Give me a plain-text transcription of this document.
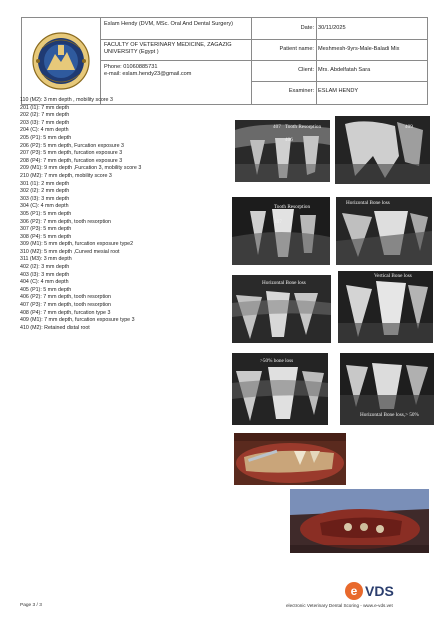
Eslam Hendy (DVM, MSc. Oral And Dental Surgery)
FACULTY OF VETERINARY MEDICINE, ZAGAZIG UNIVERSITY (Egypt )
Phone: 01060885731
e-mail: eslam.hendy23@gmail.com
Date: 30/11/2025
Patient name: Meshmesh-9yrs-Male-Baladi Mix
Client: Mrs. Abdelfatah Sara
Examiner: ESLAM HENDY
110 (M2): 3 mm depth , mobility score 3
201 (I1): 7 mm depth
202 (I2): 7 mm depth
203 (I3): 7 mm depth
204 (C): 4 mm depth
205 (P1): 5 mm depth
206 (P2): 5 mm depth, Furcation exposure 3
207 (P3): 5 mm depth, furcation exposure 3
208 (P4): 7 mm depth, furcation exposure 3
209 (M1): 9 mm depth ,Furcation 3, mobility score 3
210 (M2): 7 mm depth, mobility score 3
301 (I1): 2 mm depth
302 (I2): 2 mm depth
303 (I3): 3 mm depth
304 (C): 4 mm depth
305 (P1): 5 mm depth
306 (P2): 7 mm depth, tooth resorption
307 (P3): 5 mm depth
308 (P4): 5 mm depth
309 (M1): 5 mm depth, furcation exposure type2
310 (M2): 5 mm depth ,Curved mesial root
311 (M3): 3 mm depth
402 (I2): 3 mm depth
403 (I3): 3 mm depth
404 (C): 4 mm depth
405 (P1): 5 mm depth
406 (P2): 7 mm depth, tooth resorption
407 (P3): 7 mm depth, tooth resorption
408 (P4): 7 mm depth, furcation type 3
409 (M1): 7 mm depth, furcation exposure type 3
410 (M2): Retained distal root
407 Tooth Resorption
406
409
Tooth Resorption
407
Horizontal Bone loss
Horizontal Bone loss
Vertical Bone loss
>50% bone loss
Horizontal Bone loss,> 50%
Page 3 / 3
e VDS
electronic Veterinary Dental Scoring - www.e-vds.vet
